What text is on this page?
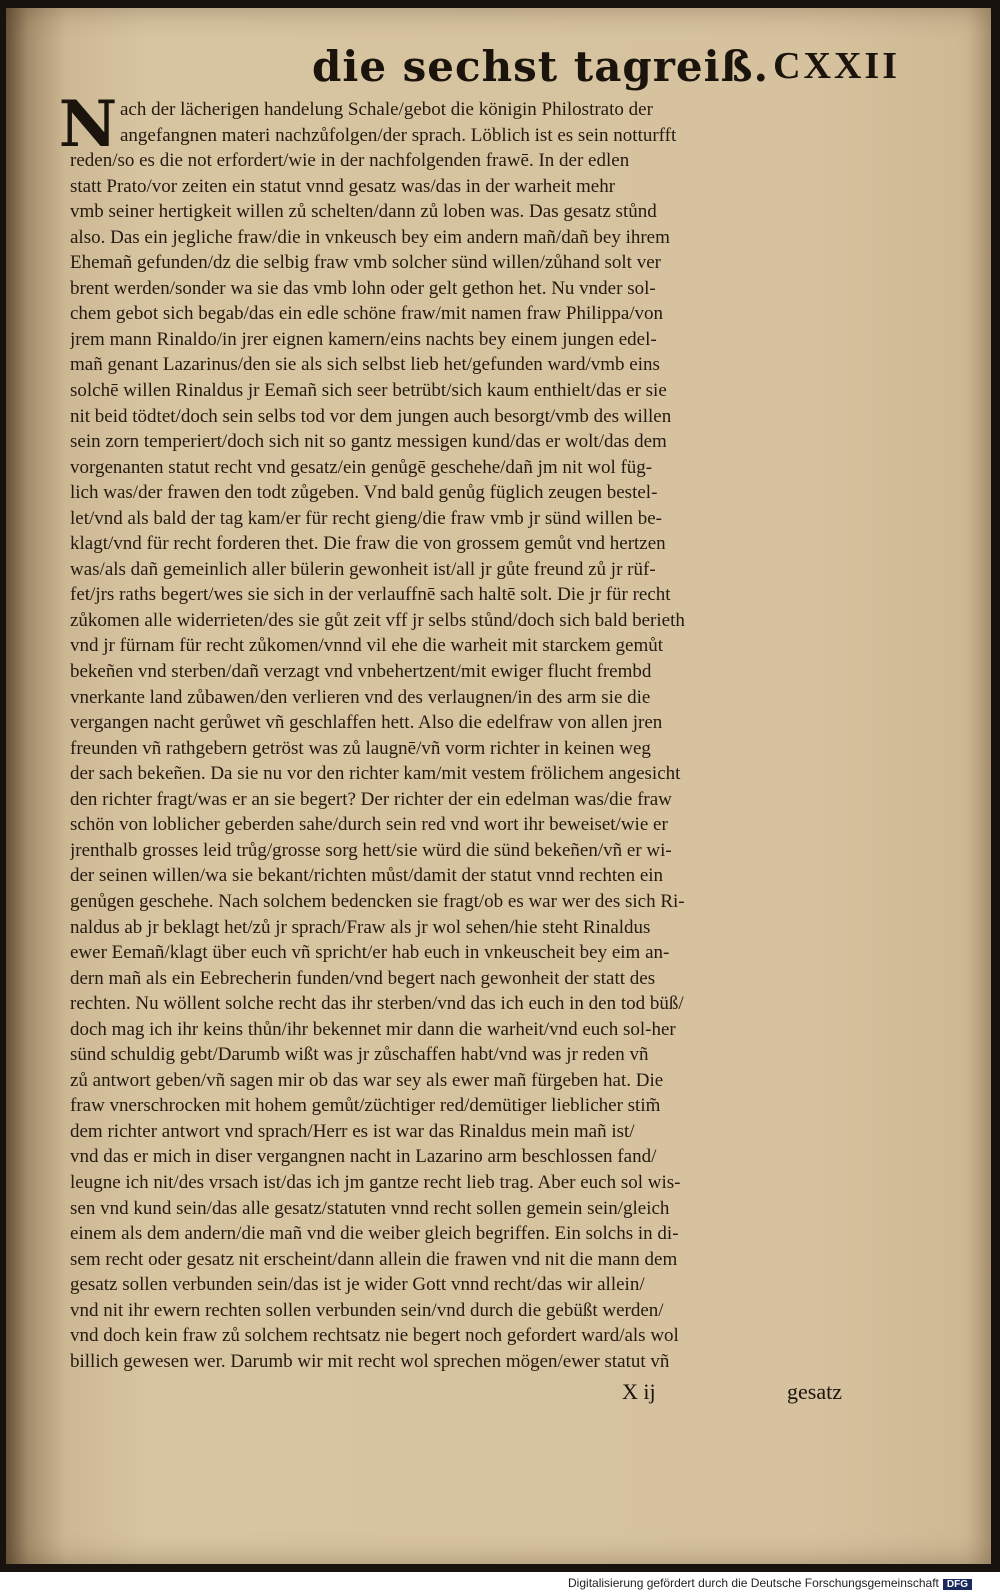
die sechst tagreiß. CXXII
N ach der lächerigen handelung Schale/gebot die königin Philostrato der
angefangnen materi nachzůfolgen/der sprach. Löblich ist es sein notturfft
reden/so es die not erfordert/wie in der nachfolgenden frawē. In der edlen
statt Prato/vor zeiten ein statut vnnd gesatz was/das in der warheit mehr
vmb seiner hertigkeit willen zů schelten/dann zů loben was. Das gesatz stůnd
also. Das ein jegliche fraw/die in vnkeusch bey eim andern mañ/dañ bey ihrem
Ehemañ gefunden/dz die selbig fraw vmb solcher sünd willen/zůhand solt ver
brent werden/sonder wa sie das vmb lohn oder gelt gethon het. Nu vnder sol-
chem gebot sich begab/das ein edle schöne fraw/mit namen fraw Philippa/von
jrem mann Rinaldo/in jrer eignen kamern/eins nachts bey einem jungen edel-
mañ genant Lazarinus/den sie als sich selbst lieb het/gefunden ward/vmb eins
solchē willen Rinaldus jr Eemañ sich seer betrübt/sich kaum enthielt/das er sie
nit beid tödtet/doch sein selbs tod vor dem jungen auch besorgt/vmb des willen
sein zorn temperiert/doch sich nit so gantz messigen kund/das er wolt/das dem
vorgenanten statut recht vnd gesatz/ein genůgē geschehe/dañ jm nit wol füg-
lich was/der frawen den todt zůgeben. Vnd bald genůg füglich zeugen bestel-
let/vnd als bald der tag kam/er für recht gieng/die fraw vmb jr sünd willen be-
klagt/vnd für recht forderen thet. Die fraw die von grossem gemůt vnd hertzen
was/als dañ gemeinlich aller bülerin gewonheit ist/all jr gůte freund zů jr rüf-
fet/jrs raths begert/wes sie sich in der verlauffnē sach haltē solt. Die jr für recht
zůkomen alle widerrieten/des sie gůt zeit vff jr selbs stůnd/doch sich bald berieth
vnd jr fürnam für recht zůkomen/vnnd vil ehe die warheit mit starckem gemůt
bekeñen vnd sterben/dañ verzagt vnd vnbehertzent/mit ewiger flucht frembd
vnerkante land zůbawen/den verlieren vnd des verlaugnen/in des arm sie die
vergangen nacht gerůwet vñ geschlaffen hett. Also die edelfraw von allen jren
freunden vñ rathgebern getröst was zů laugnē/vñ vorm richter in keinen weg
der sach bekeñen. Da sie nu vor den richter kam/mit vestem frölichem angesicht
den richter fragt/was er an sie begert? Der richter der ein edelman was/die fraw
schön von loblicher geberden sahe/durch sein red vnd wort ihr beweiset/wie er
jrenthalb grosses leid trůg/grosse sorg hett/sie würd die sünd bekeñen/vñ er wi-
der seinen willen/wa sie bekant/richten můst/damit der statut vnnd rechten ein
genůgen geschehe. Nach solchem bedencken sie fragt/ob es war wer des sich Ri-
naldus ab jr beklagt het/zů jr sprach/Fraw als jr wol sehen/hie steht Rinaldus
ewer Eemañ/klagt über euch vñ spricht/er hab euch in vnkeuscheit bey eim an-
dern mañ als ein Eebrecherin funden/vnd begert nach gewonheit der statt des
rechten. Nu wöllent solche recht das ihr sterben/vnd das ich euch in den tod büß/
doch mag ich ihr keins thůn/ihr bekennet mir dann die warheit/vnd euch sol-her
sünd schuldig gebt/Darumb wißt was jr zůschaffen habt/vnd was jr reden vñ
zů antwort geben/vñ sagen mir ob das war sey als ewer mañ fürgeben hat. Die
fraw vnerschrocken mit hohem gemůt/züchtiger red/demütiger lieblicher stim̃
dem richter antwort vnd sprach/Herr es ist war das Rinaldus mein mañ ist/
vnd das er mich in diser vergangnen nacht in Lazarino arm beschlossen fand/
leugne ich nit/des vrsach ist/das ich jm gantze recht lieb trag. Aber euch sol wis-
sen vnd kund sein/das alle gesatz/statuten vnnd recht sollen gemein sein/gleich
einem als dem andern/die mañ vnd die weiber gleich begriffen. Ein solchs in di-
sem recht oder gesatz nit erscheint/dann allein die frawen vnd nit die mann dem
gesatz sollen verbunden sein/das ist je wider Gott vnnd recht/das wir allein/
vnd nit ihr ewern rechten sollen verbunden sein/vnd durch die gebüßt werden/
vnd doch kein fraw zů solchem rechtsatz nie begert noch gefordert ward/als wol
billich gewesen wer. Darumb wir mit recht wol sprechen mögen/ewer statut vñ
X ij	gesatz
Digitalisierung gefördert durch die Deutsche Forschungsgemeinschaft DFG
